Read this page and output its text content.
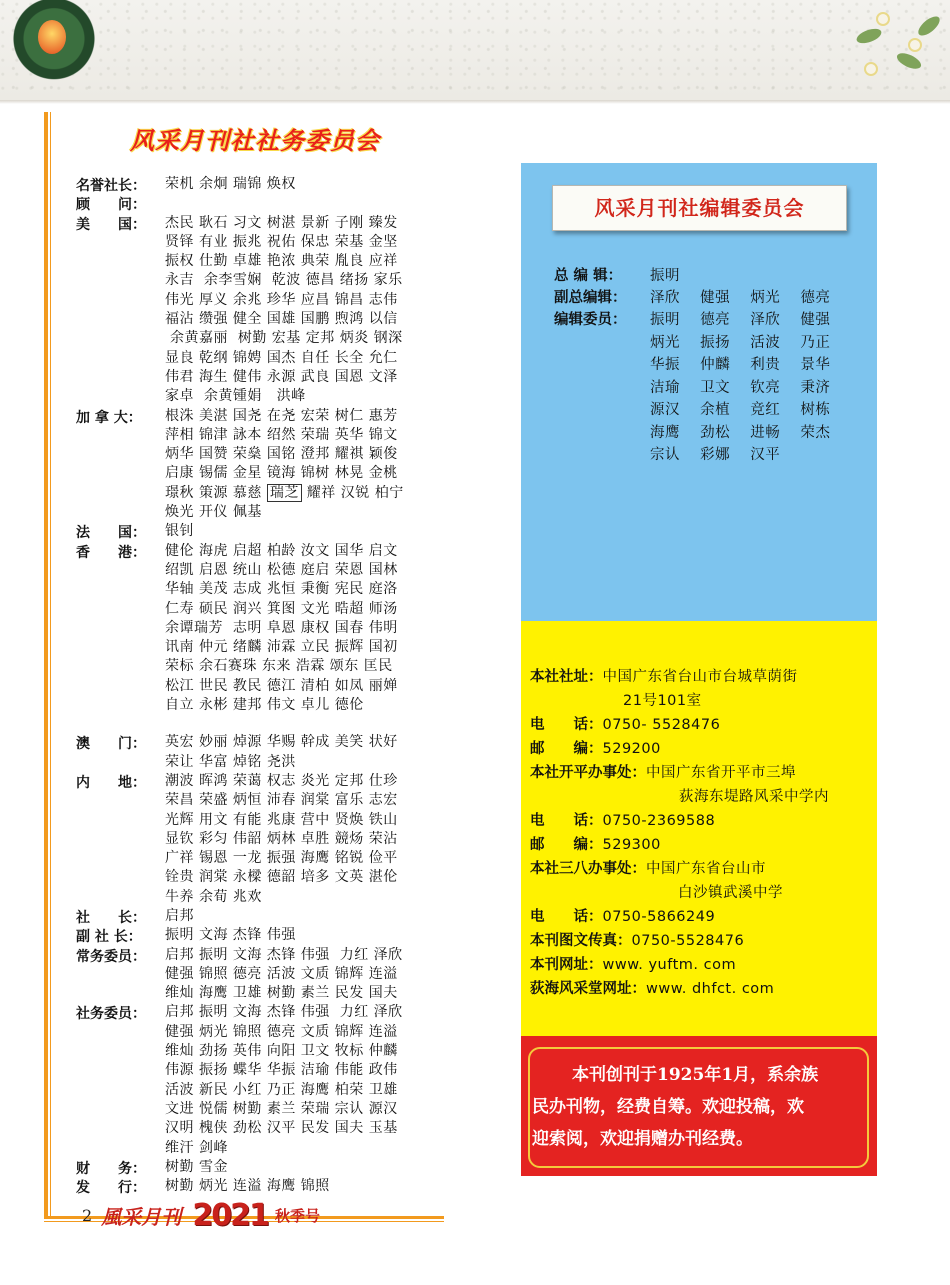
风采月刊社社务委员会
名誉社长：	荣机 余炯 瑞锦 焕权
顾　　问：
美　　国：	杰民 耿石 习文 树湛 景新 子刚 臻发
贤铎 有业 振兆 祝佑 保忠 荣基 金坚
振权 仕勤 卓雄 艳浓 典荣 胤良 应祥
永吉  余李雪娴  乾波 德昌 绪扬 家乐
伟光 厚义 余兆 珍华 应昌 锦昌 志伟
福沾 缵强 健全 国雄 国鹏 煦鸿 以信
余黄嘉丽  树勤 宏基 定邦 炳炎 钢深
显良 乾纲 锦娉 国杰 自任 长全 允仁
伟君 海生 健伟 永源 武良 国恩 文泽
家卓  余黄锺娟   洪峰
加 拿 大：	根洙 美湛 国尧 在尧 宏荣 树仁 惠芳
萍相 锦津 詠本 绍然 荣瑞 英华 锦文
炳华 国赞 荣燊 国铭 澄邦 耀祺 颖俊
启康 锡儒 金星 镜海 锦树 林晃 金桃
璟秋 策源 慕慈 瑞芝 耀祥 汉锐 柏宁
焕光 开仪 佩基
法　　国：	银钊
香　　港：	健伦 海虎 启超 柏龄 汝文 国华 启文
绍凯 启恩 统山 松德 庭启 荣恩 国林
华轴 美茂 志成 兆恒 秉衡 宪民 庭洛
仁寿 硕民 润兴 箕图 文光 晧超 师汤
余谭瑞芳  志明 阜恩 康权 国春 伟明
讯南 仲元 绪麟 沛霖 立民 振辉 国初
荣标 余石赛珠 东来 浩霖 颂东 匡民
松江 世民 教民 德江 清柏 如凤 丽婵
自立 永彬 建邦 伟文 卓儿 德伦
澳　　门：	英宏 妙丽 焯源 华赐 幹成 美笑 状好
荣让 华富 焯铭 尧洪
内　　地：	潮波 晖鸿 荣蔼 权志 炎光 定邦 仕珍
荣昌 荣盛 炳恒 沛春 润棠 富乐 志宏
光辉 用文 有能 兆康 营中 贤焕 铁山
显钦 彩匀 伟韶 炳林 卓胜 競炀 荣沾
广祥 锡恩 一龙 振强 海鹰 铭锐 俭平
铨贵 润棠 永樑 德韶 培多 文英 湛伦
牛养 余荀 兆欢
社　　长：	启邦
副 社 长：	振明 文海 杰锋 伟强
常务委员：	启邦 振明 文海 杰锋 伟强  力红 泽欣
健强 锦照 德亮 活波 文质 锦辉 连溢
维灿 海鹰 卫雄 树勤 素兰 民发 国夫
社务委员：	启邦 振明 文海 杰锋 伟强  力红 泽欣
健强 炳光 锦照 德亮 文质 锦辉 连溢
维灿 劲扬 英伟 向阳 卫文 牧标 仲麟
伟源 振扬 蝶华 华振 洁瑜 伟能 政伟
活波 新民 小红 乃正 海鹰 柏荣 卫雄
文进 悦儒 树勤 素兰 荣瑞 宗认 源汉
汉明 槐侠 劲松 汉平 民发 国夫 玉基
维汗 剑峰
财　　务：	树勤 雪金
发　　行：	树勤 炳光 连溢 海鹰 锦照
风采月刊社编辑委员会
总 编 辑：	振明
副总编辑：	泽欣　 健强　 炳光　 德亮
编辑委员：	振明　 德亮　 泽欣　 健强
炳光　 振扬　 活波　 乃正
华振　 仲麟　 利贵　 景华
洁瑜　 卫文　 钦亮　 秉济
源汉　 余植　 竞红　 树栋
海鹰　 劲松　 进畅　 荣杰
宗认　 彩娜　 汉平
本社社址：中国广东省台山市台城草荫街
21号101室
电　　话：0750- 5528476
邮　　编：529200
本社开平办事处：中国广东省开平市三埠
荻海东堤路风采中学内
电　　话：0750-2369588
邮　　编：529300
本社三八办事处：中国广东省台山市
白沙镇武溪中学
电　　话：0750-5866249
本刊图文传真：0750-5528476
本刊网址：www. yuftm. com
荻海风采堂网址：www. dhfct. com
本刊创刊于1925年1月，系余族
民办刊物，经费自筹。欢迎投稿，欢
迎索阅，欢迎捐赠办刊经费。
2 風采月刊 2021 秋季号
